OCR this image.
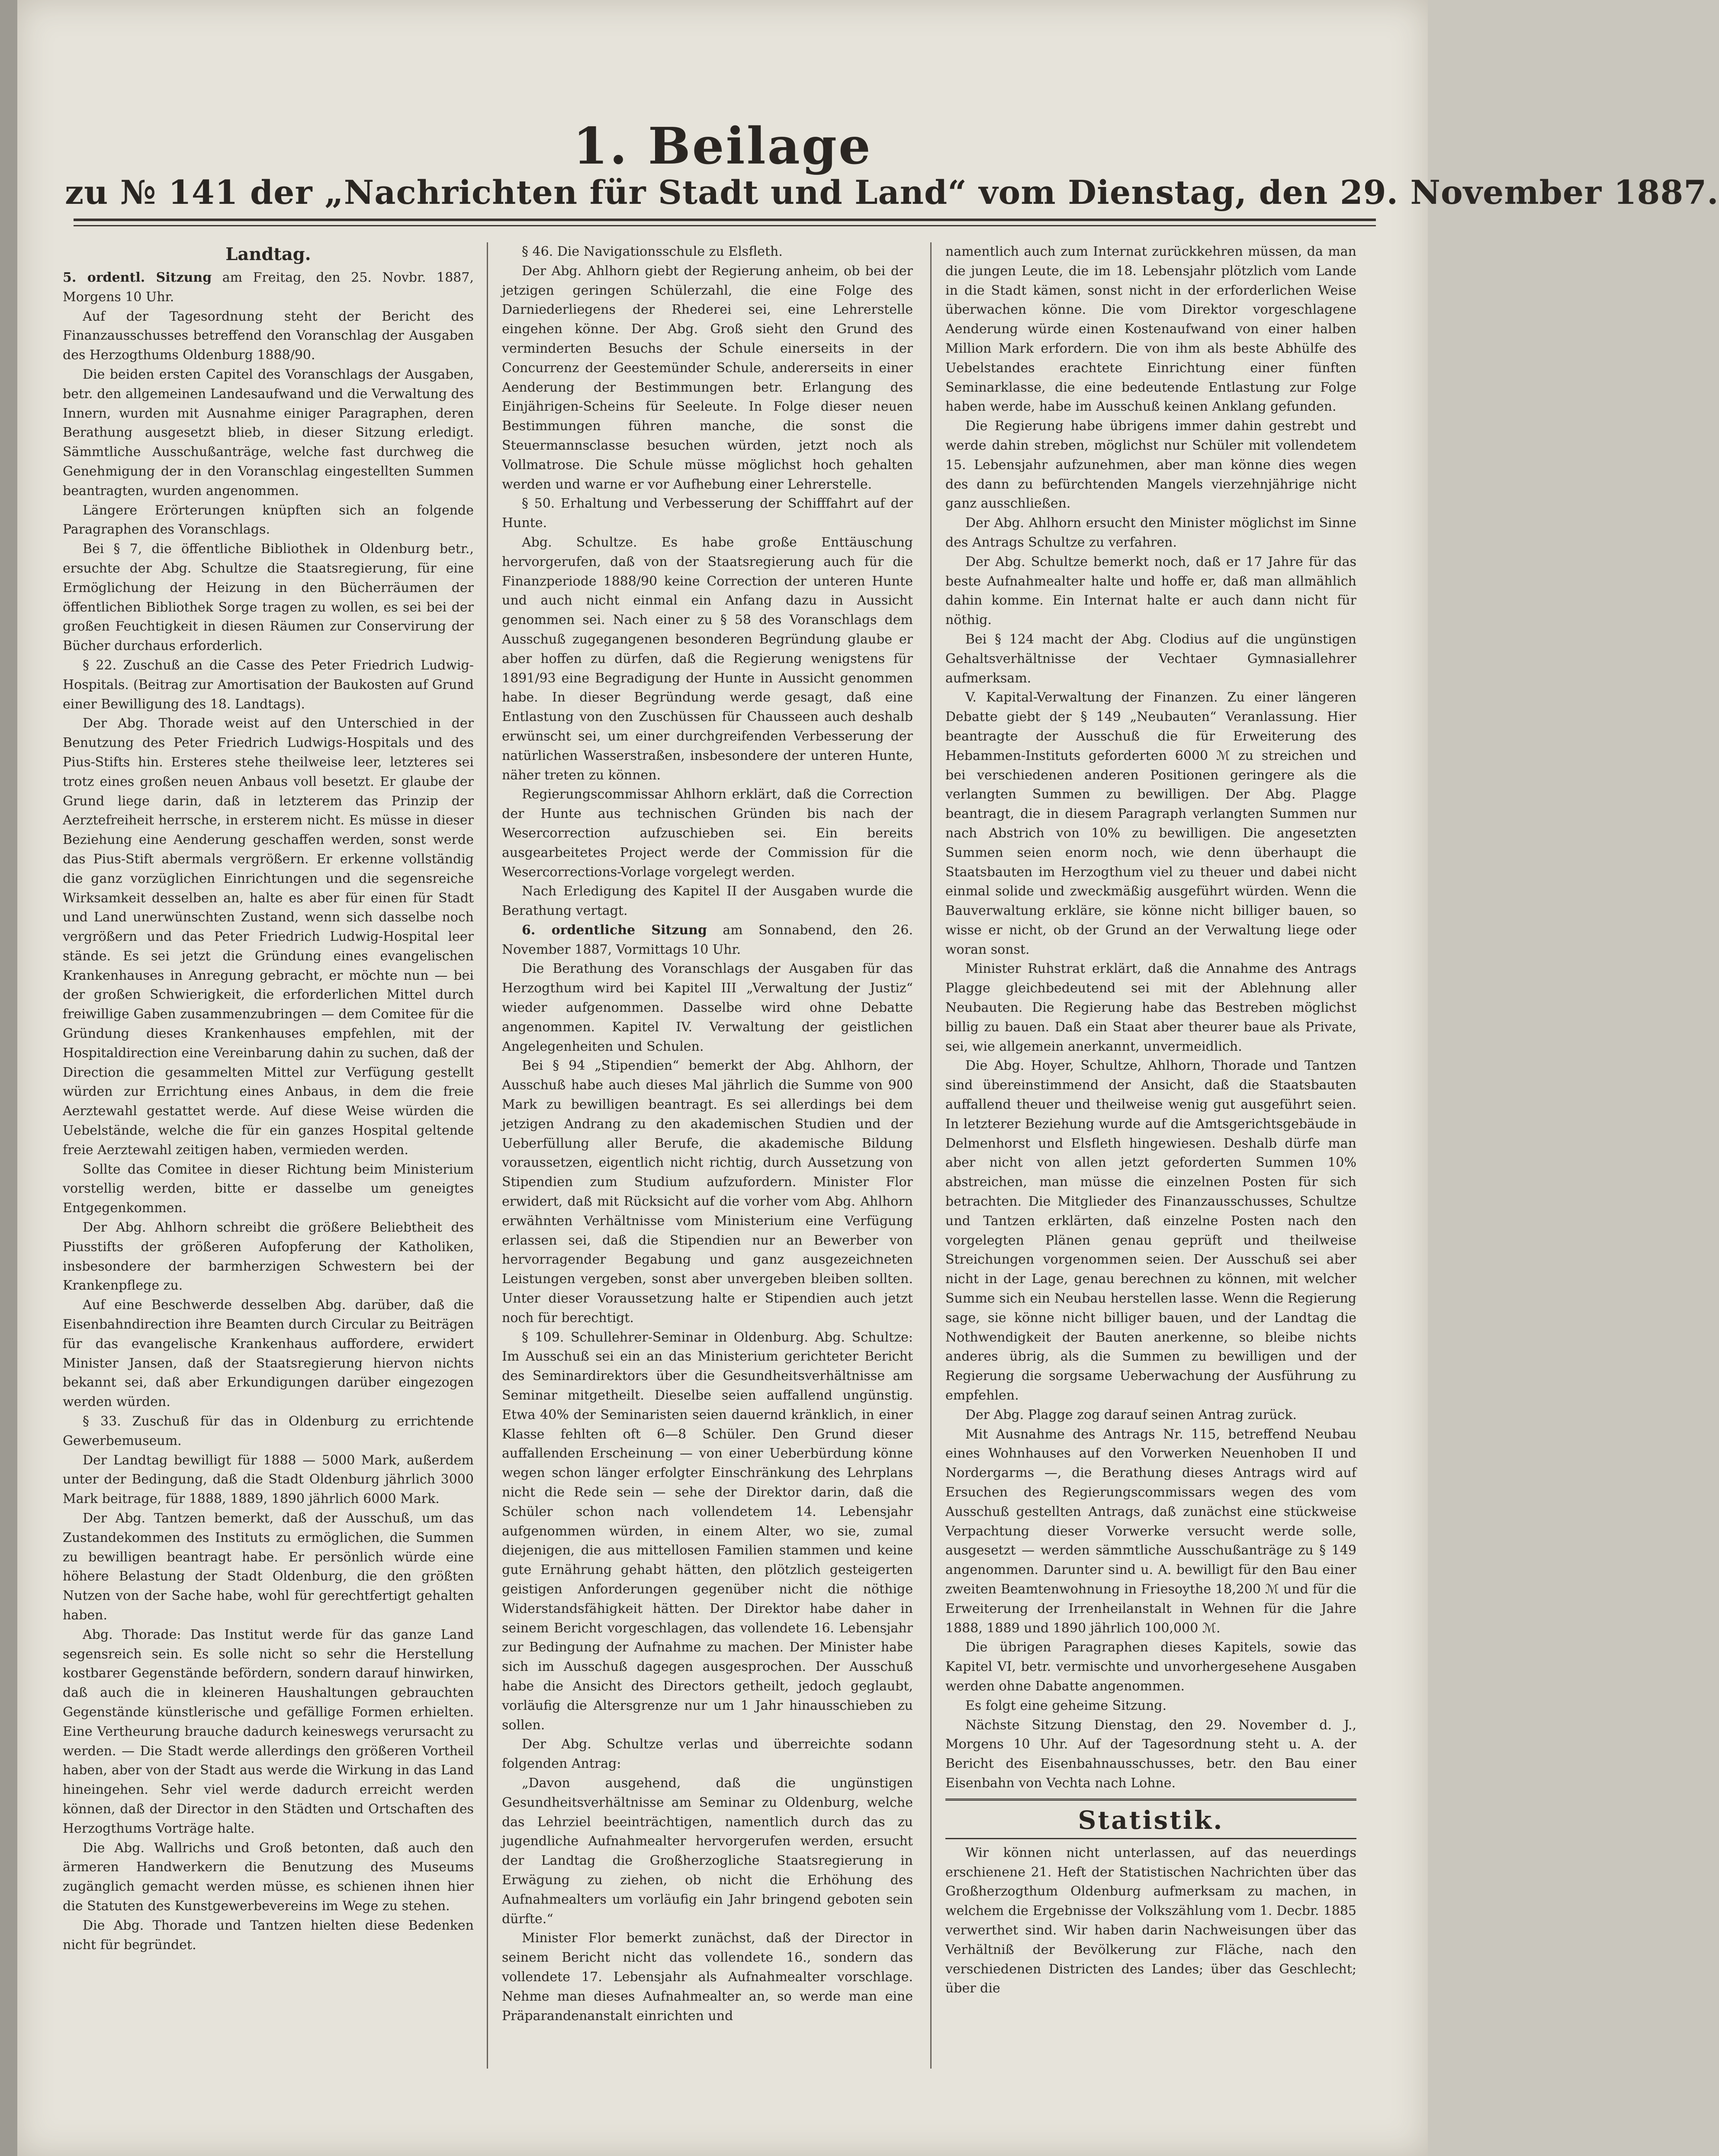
1. Beilage
zu № 141 der „Nachrichten für Stadt und Land“ vom Dienstag, den 29. November 1887.
Landtag.

5. ordentl. Sitzung am Freitag, den 25. Novbr. 1887, Morgens 10 Uhr.

Auf der Tagesordnung steht der Bericht des Finanzausschusses betreffend den Voranschlag der Ausgaben des Herzogthums Oldenburg 1888/90.

Die beiden ersten Capitel des Voranschlags der Ausgaben, betr. den allgemeinen Landesaufwand und die Verwaltung des Innern, wurden mit Ausnahme einiger Paragraphen, deren Berathung ausgesetzt blieb, in dieser Sitzung erledigt. Sämmtliche Ausschußanträge, welche fast durchweg die Genehmigung der in den Voranschlag eingestellten Summen beantragten, wurden angenommen.

Längere Erörterungen knüpften sich an folgende Paragraphen des Voranschlags.

Bei § 7, die öffentliche Bibliothek in Oldenburg betr., ersuchte der Abg. Schultze die Staatsregierung, für eine Ermöglichung der Heizung in den Bücherräumen der öffentlichen Bibliothek Sorge tragen zu wollen, es sei bei der großen Feuchtigkeit in diesen Räumen zur Conservirung der Bücher durchaus erforderlich.

§ 22. Zuschuß an die Casse des Peter Friedrich Ludwig-Hospitals. (Beitrag zur Amortisation der Baukosten auf Grund einer Bewilligung des 18. Landtags).

Der Abg. Thorade weist auf den Unterschied in der Benutzung des Peter Friedrich Ludwigs-Hospitals und des Pius-Stifts hin. Ersteres stehe theilweise leer, letzteres sei trotz eines großen neuen Anbaus voll besetzt. Er glaube der Grund liege darin, daß in letzterem das Prinzip der Aerztefreiheit herrsche, in ersterem nicht. Es müsse in dieser Beziehung eine Aenderung geschaffen werden, sonst werde das Pius-Stift abermals vergrößern. Er erkenne vollständig die ganz vorzüglichen Einrichtungen und die segensreiche Wirksamkeit desselben an, halte es aber für einen für Stadt und Land unerwünschten Zustand, wenn sich dasselbe noch vergrößern und das Peter Friedrich Ludwig-Hospital leer stände. Es sei jetzt die Gründung eines evangelischen Krankenhauses in Anregung gebracht, er möchte nun — bei der großen Schwierigkeit, die erforderlichen Mittel durch freiwillige Gaben zusammenzubringen — dem Comitee für die Gründung dieses Krankenhauses empfehlen, mit der Hospitaldirection eine Vereinbarung dahin zu suchen, daß der Direction die gesammelten Mittel zur Verfügung gestellt würden zur Errichtung eines Anbaus, in dem die freie Aerztewahl gestattet werde. Auf diese Weise würden die Uebelstände, welche die für ein ganzes Hospital geltende freie Aerztewahl zeitigen haben, vermieden werden.

Sollte das Comitee in dieser Richtung beim Ministerium vorstellig werden, bitte er dasselbe um geneigtes Entgegenkommen.

Der Abg. Ahlhorn schreibt die größere Beliebtheit des Piusstifts der größeren Aufopferung der Katholiken, insbesondere der barmherzigen Schwestern bei der Krankenpflege zu.

Auf eine Beschwerde desselben Abg. darüber, daß die Eisenbahndirection ihre Beamten durch Circular zu Beiträgen für das evangelische Krankenhaus auffordere, erwidert Minister Jansen, daß der Staatsregierung hiervon nichts bekannt sei, daß aber Erkundigungen darüber eingezogen werden würden.

§ 33. Zuschuß für das in Oldenburg zu errichtende Gewerbemuseum.

Der Landtag bewilligt für 1888 — 5000 Mark, außerdem unter der Bedingung, daß die Stadt Oldenburg jährlich 3000 Mark beitrage, für 1888, 1889, 1890 jährlich 6000 Mark.

Der Abg. Tantzen bemerkt, daß der Ausschuß, um das Zustandekommen des Instituts zu ermöglichen, die Summen zu bewilligen beantragt habe. Er persönlich würde eine höhere Belastung der Stadt Oldenburg, die den größten Nutzen von der Sache habe, wohl für gerechtfertigt gehalten haben.

Abg. Thorade: Das Institut werde für das ganze Land segensreich sein. Es solle nicht so sehr die Herstellung kostbarer Gegenstände befördern, sondern darauf hinwirken, daß auch die in kleineren Haushaltungen gebrauchten Gegenstände künstlerische und gefällige Formen erhielten. Eine Vertheurung brauche dadurch keineswegs verursacht zu werden. — Die Stadt werde allerdings den größeren Vortheil haben, aber von der Stadt aus werde die Wirkung in das Land hineingehen. Sehr viel werde dadurch erreicht werden können, daß der Director in den Städten und Ortschaften des Herzogthums Vorträge halte.

Die Abg. Wallrichs und Groß betonten, daß auch den ärmeren Handwerkern die Benutzung des Museums zugänglich gemacht werden müsse, es schienen ihnen hier die Statuten des Kunstgewerbevereins im Wege zu stehen.

Die Abg. Thorade und Tantzen hielten diese Bedenken nicht für begründet.

§ 46. Die Navigationsschule zu Elsfleth.

Der Abg. Ahlhorn giebt der Regierung anheim, ob bei der jetzigen geringen Schülerzahl, die eine Folge des Darniederliegens der Rhederei sei, eine Lehrerstelle eingehen könne. Der Abg. Groß sieht den Grund des verminderten Besuchs der Schule einerseits in der Concurrenz der Geestemünder Schule, andererseits in einer Aenderung der Bestimmungen betr. Erlangung des Einjährigen-Scheins für Seeleute. In Folge dieser neuen Bestimmungen führen manche, die sonst die Steuermannsclasse besuchen würden, jetzt noch als Vollmatrose. Die Schule müsse möglichst hoch gehalten werden und warne er vor Aufhebung einer Lehrerstelle.

§ 50. Erhaltung und Verbesserung der Schifffahrt auf der Hunte.

Abg. Schultze. Es habe große Enttäuschung hervorgerufen, daß von der Staatsregierung auch für die Finanzperiode 1888/90 keine Correction der unteren Hunte und auch nicht einmal ein Anfang dazu in Aussicht genommen sei. Nach einer zu § 58 des Voranschlags dem Ausschuß zugegangenen besonderen Begründung glaube er aber hoffen zu dürfen, daß die Regierung wenigstens für 1891/93 eine Begradigung der Hunte in Aussicht genommen habe. In dieser Begründung werde gesagt, daß eine Entlastung von den Zuschüssen für Chausseen auch deshalb erwünscht sei, um einer durchgreifenden Verbesserung der natürlichen Wasserstraßen, insbesondere der unteren Hunte, näher treten zu können.

Regierungscommissar Ahlhorn erklärt, daß die Correction der Hunte aus technischen Gründen bis nach der Wesercorrection aufzuschieben sei. Ein bereits ausgearbeitetes Project werde der Commission für die Wesercorrections-Vorlage vorgelegt werden.

Nach Erledigung des Kapitel II der Ausgaben wurde die Berathung vertagt.

6. ordentliche Sitzung am Sonnabend, den 26. November 1887, Vormittags 10 Uhr.

Die Berathung des Voranschlags der Ausgaben für das Herzogthum wird bei Kapitel III „Verwaltung der Justiz“ wieder aufgenommen. Dasselbe wird ohne Debatte angenommen. Kapitel IV. Verwaltung der geistlichen Angelegenheiten und Schulen.

Bei § 94 „Stipendien“ bemerkt der Abg. Ahlhorn, der Ausschuß habe auch dieses Mal jährlich die Summe von 900 Mark zu bewilligen beantragt. Es sei allerdings bei dem jetzigen Andrang zu den akademischen Studien und der Ueberfüllung aller Berufe, die akademische Bildung voraussetzen, eigentlich nicht richtig, durch Aussetzung von Stipendien zum Studium aufzufordern. Minister Flor erwidert, daß mit Rücksicht auf die vorher vom Abg. Ahlhorn erwähnten Verhältnisse vom Ministerium eine Verfügung erlassen sei, daß die Stipendien nur an Bewerber von hervorragender Begabung und ganz ausgezeichneten Leistungen vergeben, sonst aber unvergeben bleiben sollten. Unter dieser Voraussetzung halte er Stipendien auch jetzt noch für berechtigt.

§ 109. Schullehrer-Seminar in Oldenburg. Abg. Schultze: Im Ausschuß sei ein an das Ministerium gerichteter Bericht des Seminardirektors über die Gesundheitsverhältnisse am Seminar mitgetheilt. Dieselbe seien auffallend ungünstig. Etwa 40% der Seminaristen seien dauernd kränklich, in einer Klasse fehlten oft 6—8 Schüler. Den Grund dieser auffallenden Erscheinung — von einer Ueberbürdung könne wegen schon länger erfolgter Einschränkung des Lehrplans nicht die Rede sein — sehe der Direktor darin, daß die Schüler schon nach vollendetem 14. Lebensjahr aufgenommen würden, in einem Alter, wo sie, zumal diejenigen, die aus mittellosen Familien stammen und keine gute Ernährung gehabt hätten, den plötzlich gesteigerten geistigen Anforderungen gegenüber nicht die nöthige Widerstandsfähigkeit hätten. Der Direktor habe daher in seinem Bericht vorgeschlagen, das vollendete 16. Lebensjahr zur Bedingung der Aufnahme zu machen. Der Minister habe sich im Ausschuß dagegen ausgesprochen. Der Ausschuß habe die Ansicht des Directors getheilt, jedoch geglaubt, vorläufig die Altersgrenze nur um 1 Jahr hinausschieben zu sollen.

Der Abg. Schultze verlas und überreichte sodann folgenden Antrag:

„Davon ausgehend, daß die ungünstigen Gesundheitsverhältnisse am Seminar zu Oldenburg, welche das Lehrziel beeinträchtigen, namentlich durch das zu jugendliche Aufnahmealter hervorgerufen werden, ersucht der Landtag die Großherzogliche Staatsregierung in Erwägung zu ziehen, ob nicht die Erhöhung des Aufnahmealters um vorläufig ein Jahr bringend geboten sein dürfte.“

Minister Flor bemerkt zunächst, daß der Director in seinem Bericht nicht das vollendete 16., sondern das vollendete 17. Lebensjahr als Aufnahmealter vorschlage. Nehme man dieses Aufnahmealter an, so werde man eine Präparandenanstalt einrichten und

namentlich auch zum Internat zurückkehren müssen, da man die jungen Leute, die im 18. Lebensjahr plötzlich vom Lande in die Stadt kämen, sonst nicht in der erforderlichen Weise überwachen könne. Die vom Direktor vorgeschlagene Aenderung würde einen Kostenaufwand von einer halben Million Mark erfordern. Die von ihm als beste Abhülfe des Uebelstandes erachtete Einrichtung einer fünften Seminarklasse, die eine bedeutende Entlastung zur Folge haben werde, habe im Ausschuß keinen Anklang gefunden.

Die Regierung habe übrigens immer dahin gestrebt und werde dahin streben, möglichst nur Schüler mit vollendetem 15. Lebensjahr aufzunehmen, aber man könne dies wegen des dann zu befürchtenden Mangels vierzehnjährige nicht ganz ausschließen.

Der Abg. Ahlhorn ersucht den Minister möglichst im Sinne des Antrags Schultze zu verfahren.

Der Abg. Schultze bemerkt noch, daß er 17 Jahre für das beste Aufnahmealter halte und hoffe er, daß man allmählich dahin komme. Ein Internat halte er auch dann nicht für nöthig.

Bei § 124 macht der Abg. Clodius auf die ungünstigen Gehaltsverhältnisse der Vechtaer Gymnasiallehrer aufmerksam.

V. Kapital-Verwaltung der Finanzen. Zu einer längeren Debatte giebt der § 149 „Neubauten“ Veranlassung. Hier beantragte der Ausschuß die für Erweiterung des Hebammen-Instituts geforderten 6000 ℳ zu streichen und bei verschiedenen anderen Positionen geringere als die verlangten Summen zu bewilligen. Der Abg. Plagge beantragt, die in diesem Paragraph verlangten Summen nur nach Abstrich von 10% zu bewilligen. Die angesetzten Summen seien enorm noch, wie denn überhaupt die Staatsbauten im Herzogthum viel zu theuer und dabei nicht einmal solide und zweckmäßig ausgeführt würden. Wenn die Bauverwaltung erkläre, sie könne nicht billiger bauen, so wisse er nicht, ob der Grund an der Verwaltung liege oder woran sonst.

Minister Ruhstrat erklärt, daß die Annahme des Antrags Plagge gleichbedeutend sei mit der Ablehnung aller Neubauten. Die Regierung habe das Bestreben möglichst billig zu bauen. Daß ein Staat aber theurer baue als Private, sei, wie allgemein anerkannt, unvermeidlich.

Die Abg. Hoyer, Schultze, Ahlhorn, Thorade und Tantzen sind übereinstimmend der Ansicht, daß die Staatsbauten auffallend theuer und theilweise wenig gut ausgeführt seien. In letzterer Beziehung wurde auf die Amtsgerichtsgebäude in Delmenhorst und Elsfleth hingewiesen. Deshalb dürfe man aber nicht von allen jetzt geforderten Summen 10% abstreichen, man müsse die einzelnen Posten für sich betrachten. Die Mitglieder des Finanzausschusses, Schultze und Tantzen erklärten, daß einzelne Posten nach den vorgelegten Plänen genau geprüft und theilweise Streichungen vorgenommen seien. Der Ausschuß sei aber nicht in der Lage, genau berechnen zu können, mit welcher Summe sich ein Neubau herstellen lasse. Wenn die Regierung sage, sie könne nicht billiger bauen, und der Landtag die Nothwendigkeit der Bauten anerkenne, so bleibe nichts anderes übrig, als die Summen zu bewilligen und der Regierung die sorgsame Ueberwachung der Ausführung zu empfehlen.

Der Abg. Plagge zog darauf seinen Antrag zurück.

Mit Ausnahme des Antrags Nr. 115, betreffend Neubau eines Wohnhauses auf den Vorwerken Neuenhoben II und Nordergarms —, die Berathung dieses Antrags wird auf Ersuchen des Regierungscommissars wegen des vom Ausschuß gestellten Antrags, daß zunächst eine stückweise Verpachtung dieser Vorwerke versucht werde solle, ausgesetzt — werden sämmtliche Ausschußanträge zu § 149 angenommen. Darunter sind u. A. bewilligt für den Bau einer zweiten Beamtenwohnung in Friesoythe 18,200 ℳ und für die Erweiterung der Irrenheilanstalt in Wehnen für die Jahre 1888, 1889 und 1890 jährlich 100,000 ℳ.

Die übrigen Paragraphen dieses Kapitels, sowie das Kapitel VI, betr. vermischte und unvorhergesehene Ausgaben werden ohne Dabatte angenommen.

Es folgt eine geheime Sitzung.

Nächste Sitzung Dienstag, den 29. November d. J., Morgens 10 Uhr. Auf der Tagesordnung steht u. A. der Bericht des Eisenbahnausschusses, betr. den Bau einer Eisenbahn von Vechta nach Lohne.

Statistik.

Wir können nicht unterlassen, auf das neuerdings erschienene 21. Heft der Statistischen Nachrichten über das Großherzogthum Oldenburg aufmerksam zu machen, in welchem die Ergebnisse der Volkszählung vom 1. Decbr. 1885 verwerthet sind. Wir haben darin Nachweisungen über das Verhältniß der Bevölkerung zur Fläche, nach den verschiedenen Districten des Landes; über das Geschlecht; über die
